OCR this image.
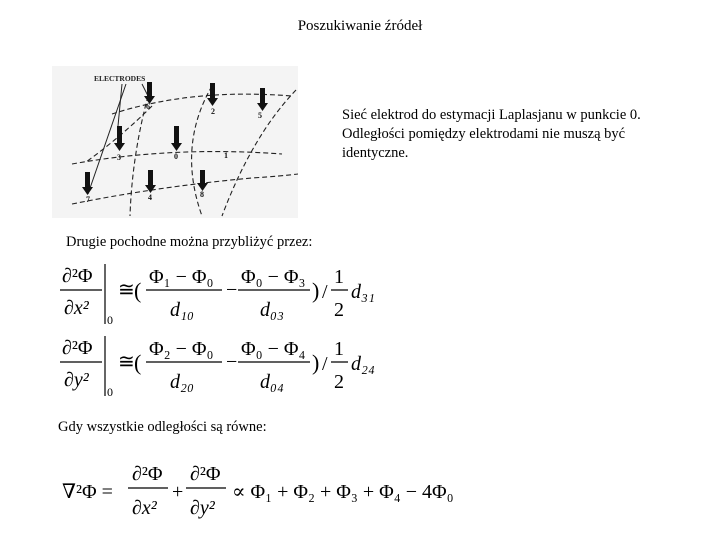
Poszukiwanie źródeł
ELECTRODES
6
2	5
3	0	1
7	4	8
Sieć elektrod do estymacji Laplasjanu w punkcie 0. Odległości pomiędzy elektrodami nie muszą być identyczne.
Drugie pochodne można przybliżyć przez:
∂²Φ
∂x²
0
≅ (
Φ₁ − Φ₀
d₁₀
−
Φ₀ − Φ₃
d₀₃
) /
1
2
d₃₁
∂²Φ
∂y²
0
≅ (
Φ₂ − Φ₀
d₂₀
−
Φ₀ − Φ₄
d₀₄
) /
1
2
d₂₄
Gdy wszystkie odległości są równe:
∇²Φ =
∂²Φ
∂x²
+
∂²Φ
∂y²
∝ Φ₁ + Φ₂ + Φ₃ + Φ₄ − 4Φ₀
